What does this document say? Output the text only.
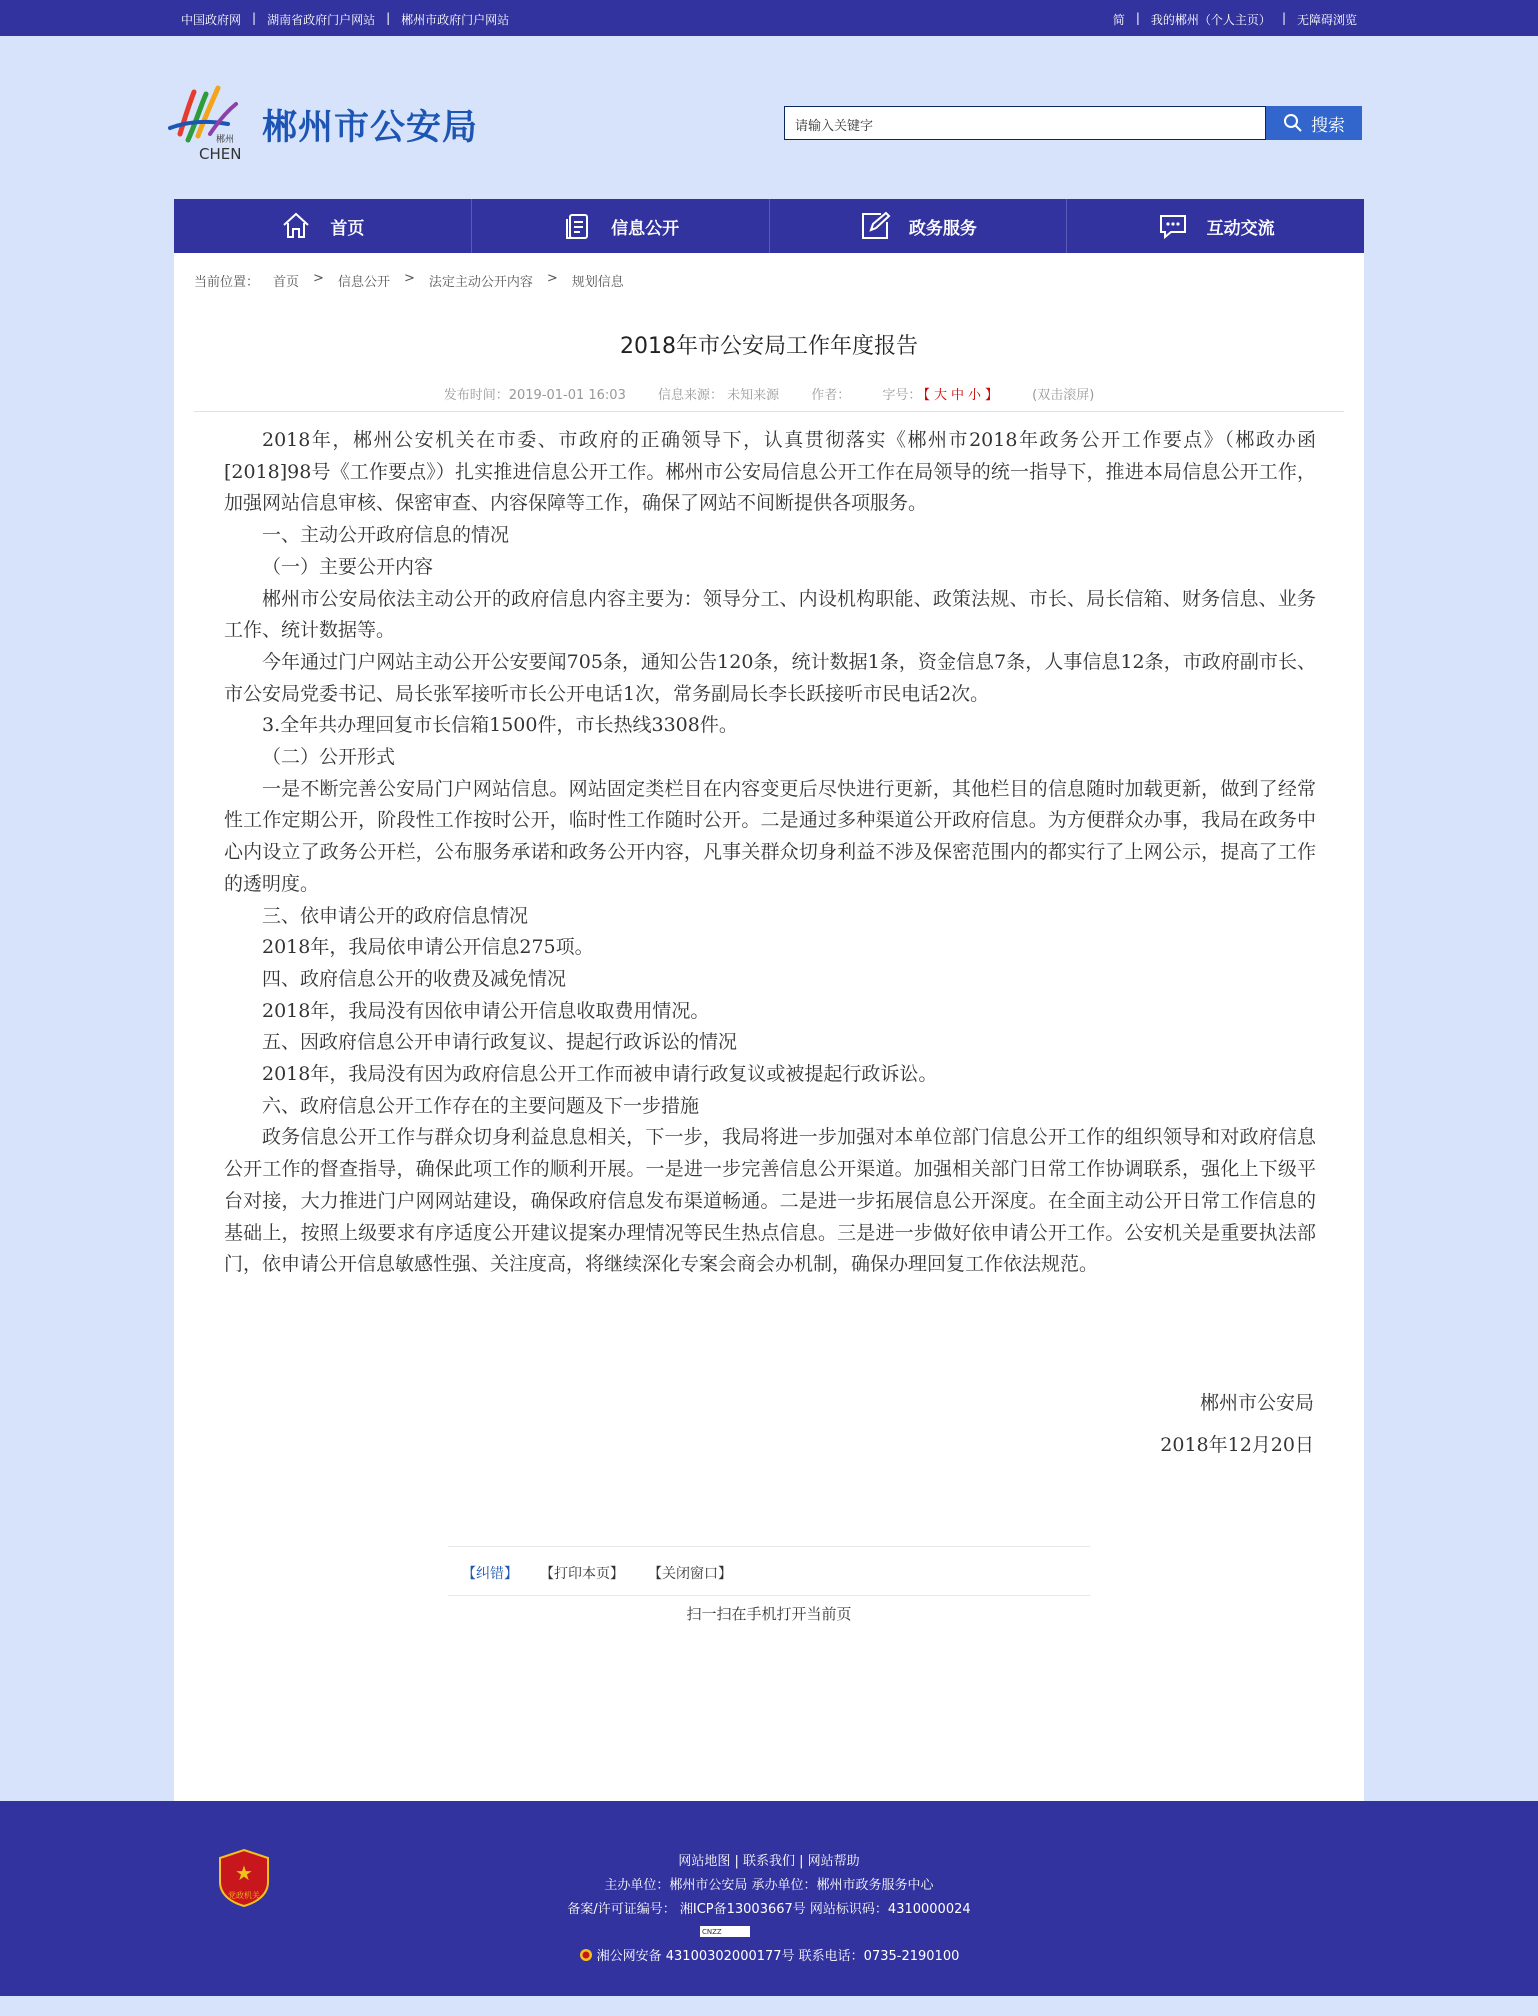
中国政府网 | 湖南省政府门户网站 | 郴州市政府门户网站	简 | 我的郴州（个人主页） | 无障碍浏览
郴州
CHEN
郴州市公安局	请输入关键字	搜索
首页	信息公开	政务服务	互动交流
当前位置： 首页 > 信息公开 > 法定主动公开内容 > 规划信息
2018年市公安局工作年度报告
发布时间：2019-01-01 16:03 信息来源： 未知来源 作者： 字号： 【 大 中 小 】	(双击滚屏)

2018年，郴州公安机关在市委、市政府的正确领导下，认真贯彻落实《郴州市2018年政务公开工作要点》（郴政办函[2018]98号《工作要点》）扎实推进信息公开工作。郴州市公安局信息公开工作在局领导的统一指导下，推进本局信息公开工作，加强网站信息审核、保密审查、内容保障等工作，确保了网站不间断提供各项服务。

一、主动公开政府信息的情况

（一）主要公开内容

郴州市公安局依法主动公开的政府信息内容主要为：领导分工、内设机构职能、政策法规、市长、局长信箱、财务信息、业务工作、统计数据等。

今年通过门户网站主动公开公安要闻705条，通知公告120条，统计数据1条，资金信息7条，人事信息12条，市政府副市长、市公安局党委书记、局长张军接听市长公开电话1次，常务副局长李长跃接听市民电话2次。

3.全年共办理回复市长信箱1500件，市长热线3308件。

（二）公开形式

一是不断完善公安局门户网站信息。网站固定类栏目在内容变更后尽快进行更新，其他栏目的信息随时加载更新，做到了经常性工作定期公开，阶段性工作按时公开，临时性工作随时公开。二是通过多种渠道公开政府信息。为方便群众办事，我局在政务中心内设立了政务公开栏，公布服务承诺和政务公开内容，凡事关群众切身利益不涉及保密范围内的都实行了上网公示，提高了工作的透明度。

三、依申请公开的政府信息情况

2018年，我局依申请公开信息275项。

四、政府信息公开的收费及减免情况

2018年，我局没有因依申请公开信息收取费用情况。

五、因政府信息公开申请行政复议、提起行政诉讼的情况

2018年，我局没有因为政府信息公开工作而被申请行政复议或被提起行政诉讼。

六、政府信息公开工作存在的主要问题及下一步措施

政务信息公开工作与群众切身利益息息相关，下一步，我局将进一步加强对本单位部门信息公开工作的组织领导和对政府信息公开工作的督查指导，确保此项工作的顺利开展。一是进一步完善信息公开渠道。加强相关部门日常工作协调联系，强化上下级平台对接，大力推进门户网网站建设，确保政府信息发布渠道畅通。二是进一步拓展信息公开深度。在全面主动公开日常工作信息的基础上，按照上级要求有序适度公开建议提案办理情况等民生热点信息。三是进一步做好依申请公开工作。公安机关是重要执法部门，依申请公开信息敏感性强、关注度高，将继续深化专案会商会办机制，确保办理回复工作依法规范。

郴州市公安局
2018年12月20日
【纠错】 【打印本页】 【关闭窗口】
扫一扫在手机打开当前页
★
党政机关
网站地图 | 联系我们 | 网站帮助
主办单位：郴州市公安局 承办单位：郴州市政务服务中心
备案/许可证编号： 湘ICP备13003667号 网站标识码：4310000024
CNZZ
湘公网安备 43100302000177号 联系电话：0735-2190100
